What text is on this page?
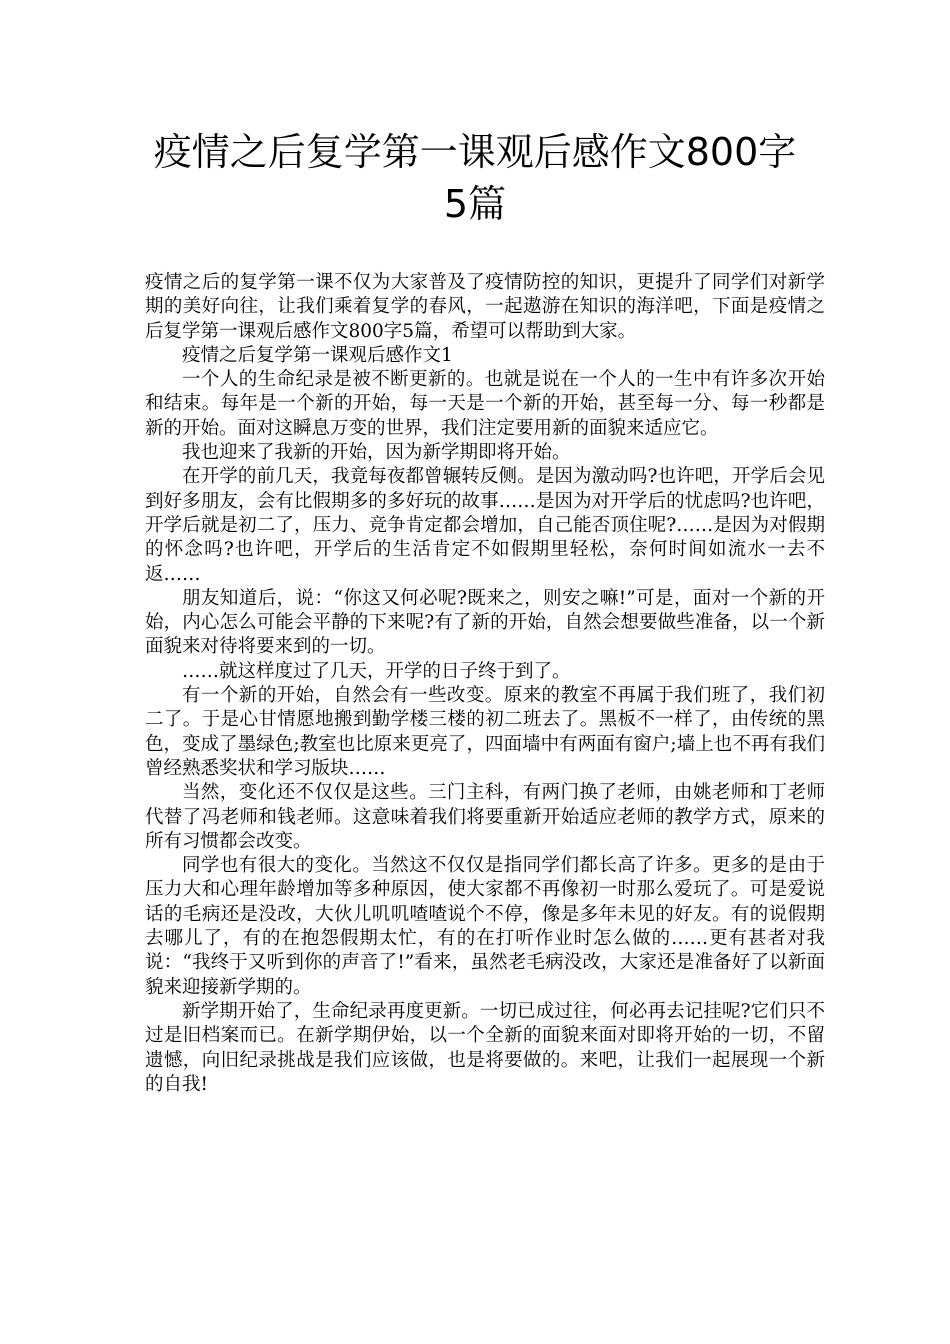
疫情之后复学第一课观后感作文800字
5篇

疫情之后的复学第一课不仅为大家普及了疫情防控的知识，更提升了同学们对新学期的美好向往，让我们乘着复学的春风，一起遨游在知识的海洋吧，下面是疫情之后复学第一课观后感作文800字5篇，希望可以帮助到大家。

疫情之后复学第一课观后感作文1

一个人的生命纪录是被不断更新的。也就是说在一个人的一生中有许多次开始和结束。每年是一个新的开始，每一天是一个新的开始，甚至每一分、每一秒都是新的开始。面对这瞬息万变的世界，我们注定要用新的面貌来适应它。

我也迎来了我新的开始，因为新学期即将开始。

在开学的前几天，我竟每夜都曾辗转反侧。是因为激动吗?也许吧，开学后会见到好多朋友，会有比假期多的多好玩的故事……是因为对开学后的忧虑吗?也许吧，开学后就是初二了，压力、竞争肯定都会增加，自己能否顶住呢?……是因为对假期的怀念吗?也许吧，开学后的生活肯定不如假期里轻松，奈何时间如流水一去不返……

朋友知道后，说：“你这又何必呢?既来之，则安之嘛!”可是，面对一个新的开始，内心怎么可能会平静的下来呢?有了新的开始，自然会想要做些准备，以一个新面貌来对待将要来到的一切。

……就这样度过了几天，开学的日子终于到了。

有一个新的开始，自然会有一些改变。原来的教室不再属于我们班了，我们初二了。于是心甘情愿地搬到勤学楼三楼的初二班去了。黑板不一样了，由传统的黑色，变成了墨绿色;教室也比原来更亮了，四面墙中有两面有窗户;墙上也不再有我们曾经熟悉奖状和学习版块……

当然，变化还不仅仅是这些。三门主科，有两门换了老师，由姚老师和丁老师代替了冯老师和钱老师。这意味着我们将要重新开始适应老师的教学方式，原来的所有习惯都会改变。

同学也有很大的变化。当然这不仅仅是指同学们都长高了许多。更多的是由于压力大和心理年龄增加等多种原因，使大家都不再像初一时那么爱玩了。可是爱说话的毛病还是没改，大伙儿叽叽喳喳说个不停，像是多年未见的好友。有的说假期去哪儿了，有的在抱怨假期太忙，有的在打听作业时怎么做的……更有甚者对我说：“我终于又听到你的声音了!”看来，虽然老毛病没改，大家还是准备好了以新面貌来迎接新学期的。

新学期开始了，生命纪录再度更新。一切已成过往，何必再去记挂呢?它们只不过是旧档案而已。在新学期伊始，以一个全新的面貌来面对即将开始的一切，不留遗憾，向旧纪录挑战是我们应该做，也是将要做的。来吧，让我们一起展现一个新的自我!
